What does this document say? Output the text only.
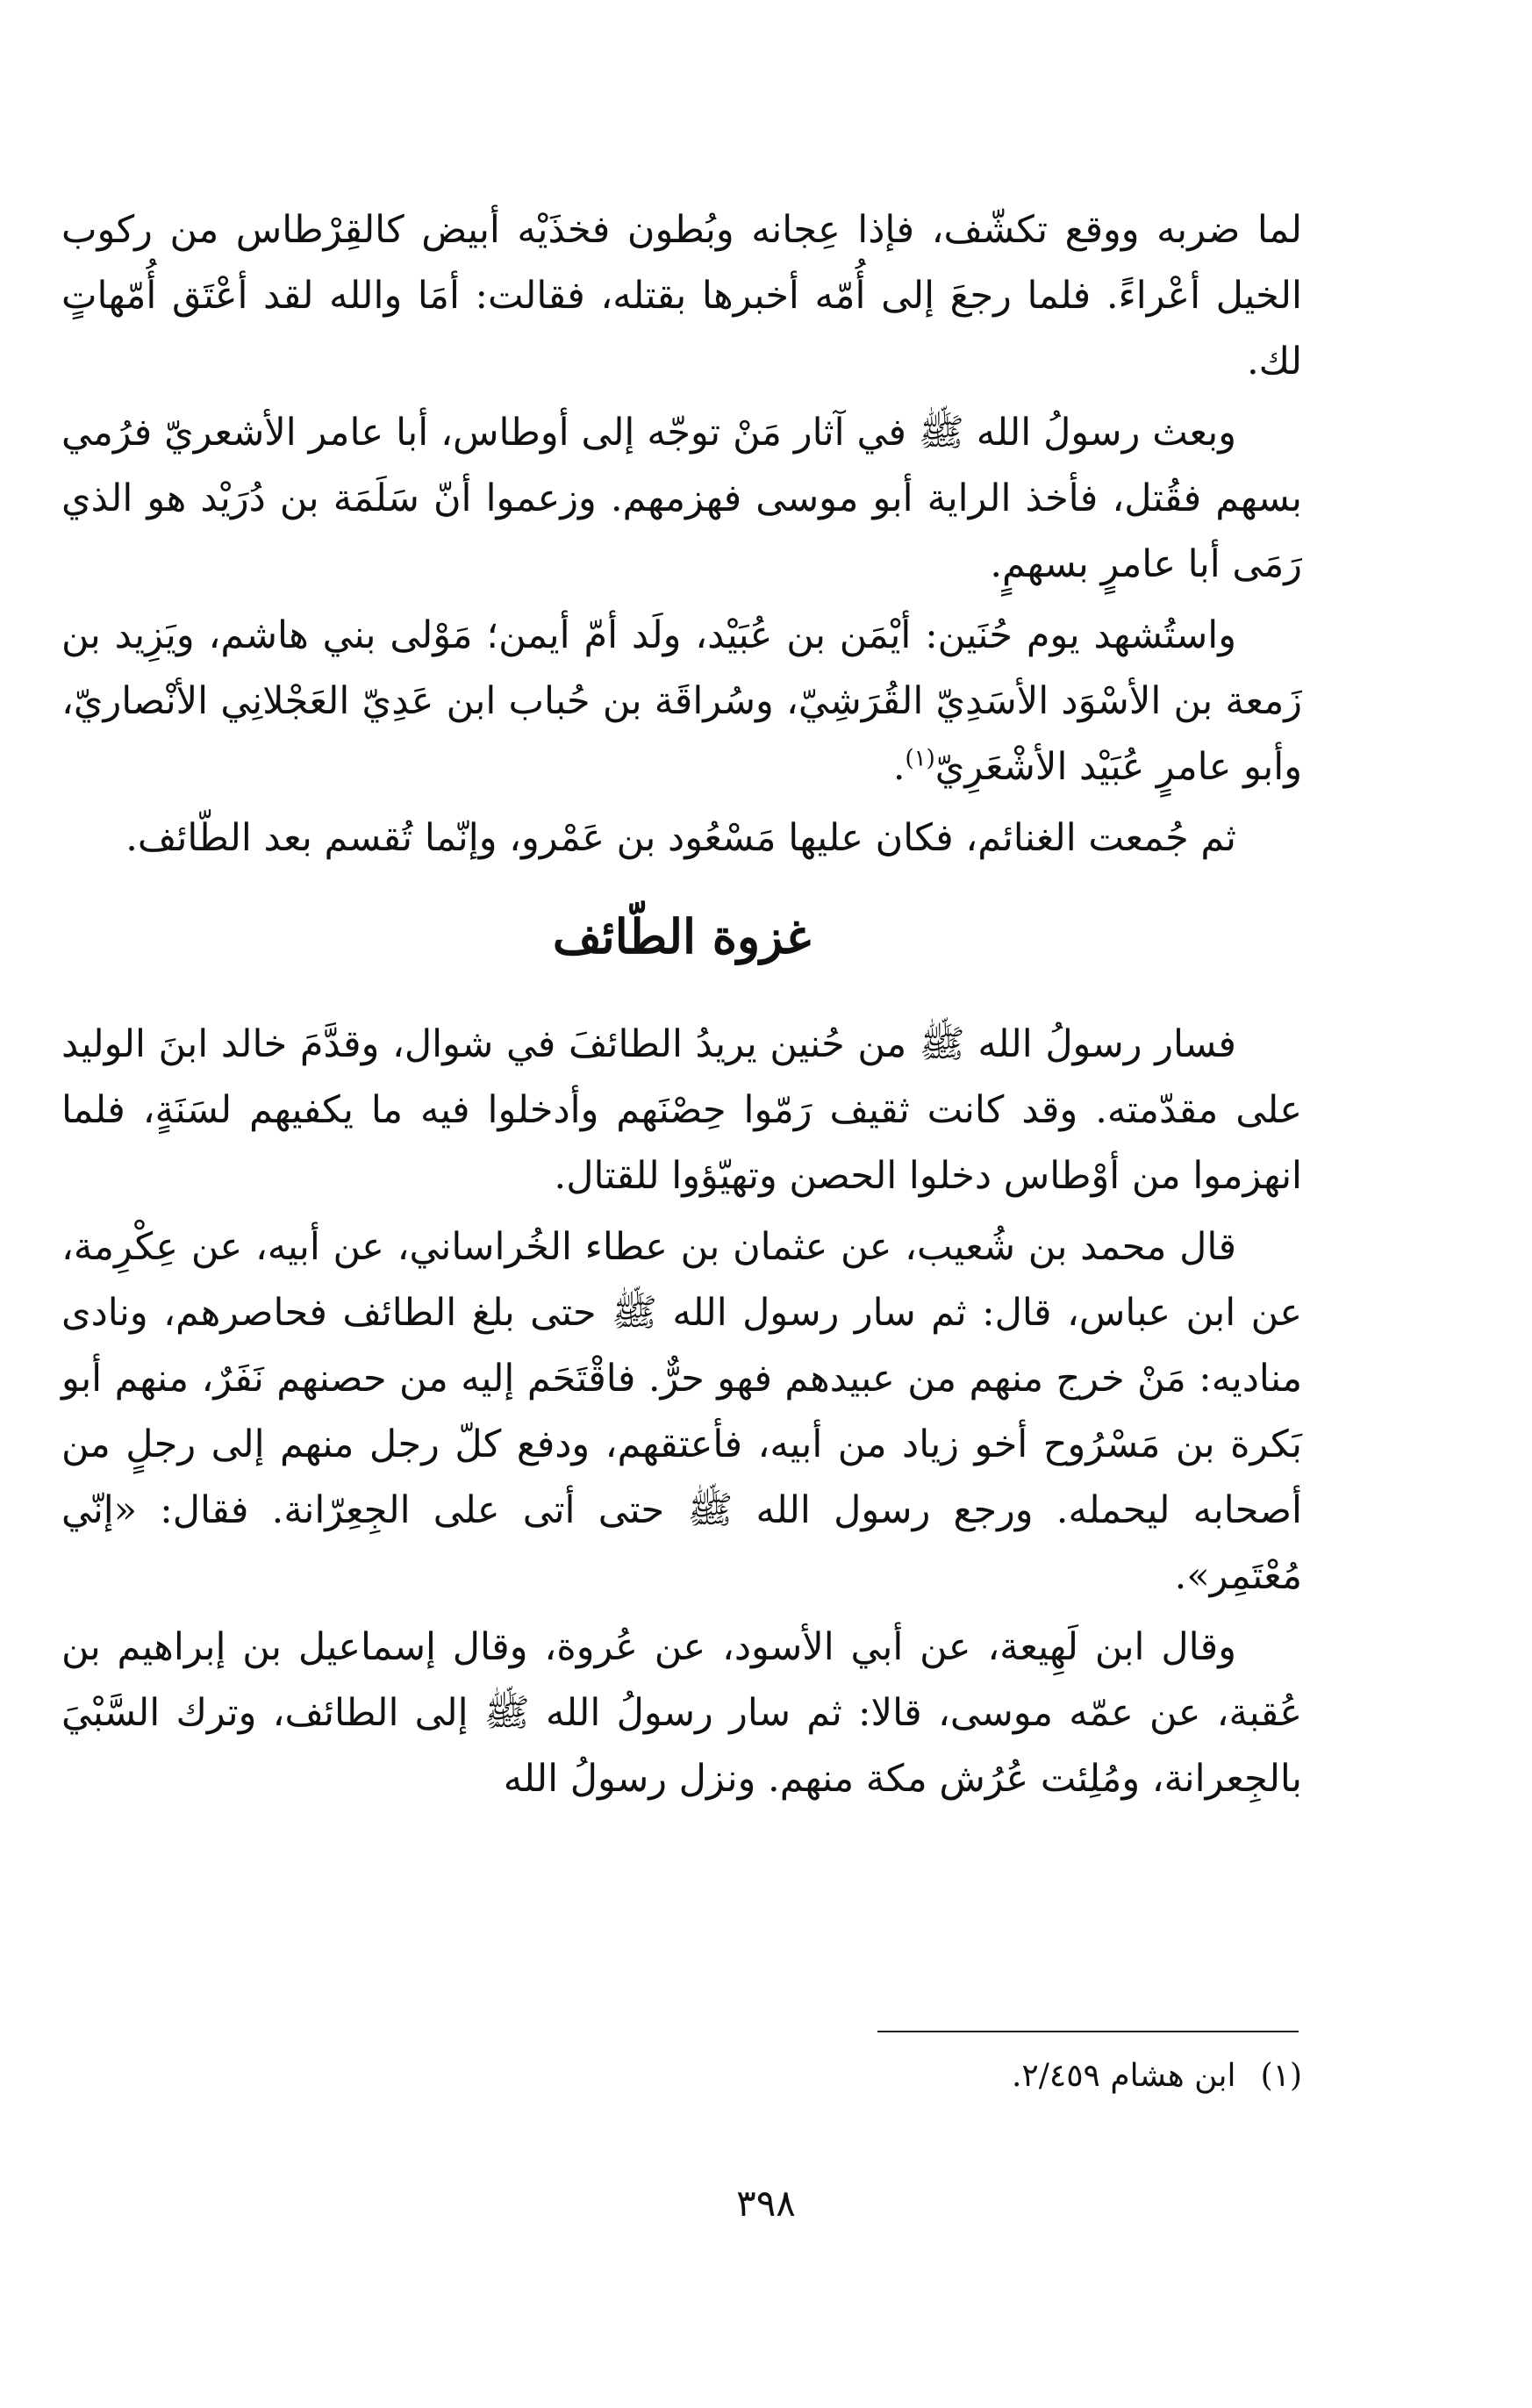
لما ضربه ووقع تكشّف، فإذا عِجانه وبُطون فخذَيْه أبيض كالقِرْطاس من ركوب الخيل أعْراءً. فلما رجعَ إلى أُمّه أخبرها بقتله، فقالت: أمَا والله لقد أعْتَق أُمّهاتٍ لك.

وبعث رسولُ الله ﷺ في آثار مَنْ توجّه إلى أوطاس، أبا عامر الأشعريّ فرُمي بسهم فقُتل، فأخذ الراية أبو موسى فهزمهم. وزعموا أنّ سَلَمَة بن دُرَيْد هو الذي رَمَى أبا عامرٍ بسهمٍ.

واستُشهد يوم حُنَين: أيْمَن بن عُبَيْد، ولَد أمّ أيمن؛ مَوْلى بني هاشم، ويَزِيد بن زَمعة بن الأسْوَد الأسَدِيّ القُرَشِيّ، وسُراقَة بن حُباب ابن عَدِيّ العَجْلانِي الأنْصاريّ، وأبو عامرٍ عُبَيْد الأشْعَرِيّ$^{(١)}$.

ثم جُمعت الغنائم، فكان عليها مَسْعُود بن عَمْرو، وإنّما تُقسم بعد الطّائف.

غزوة الطّائف

فسار رسولُ الله ﷺ من حُنين يريدُ الطائفَ في شوال، وقدَّمَ خالد ابنَ الوليد على مقدّمته. وقد كانت ثقيف رَمّوا حِصْنَهم وأدخلوا فيه ما يكفيهم لسَنَةٍ، فلما انهزموا من أوْطاس دخلوا الحصن وتهيّؤوا للقتال.

قال محمد بن شُعيب، عن عثمان بن عطاء الخُراساني، عن أبيه، عن عِكْرِمة، عن ابن عباس، قال: ثم سار رسول الله ﷺ حتى بلغ الطائف فحاصرهم، ونادى مناديه: مَنْ خرج منهم من عبيدهم فهو حرٌّ. فاقْتَحَم إليه من حصنهم نَفَرٌ، منهم أبو بَكرة بن مَسْرُوح أخو زياد من أبيه، فأعتقهم، ودفع كلّ رجل منهم إلى رجلٍ من أصحابه ليحمله. ورجع رسول الله ﷺ حتى أتى على الجِعِرّانة. فقال: «إنّي مُعْتَمِر».

وقال ابن لَهِيعة، عن أبي الأسود، عن عُروة، وقال إسماعيل بن إبراهيم بن عُقبة، عن عمّه موسى، قالا: ثم سار رسولُ الله ﷺ إلى الطائف، وترك السَّبْيَ بالجِعرانة، ومُلِئت عُرُش مكة منهم. ونزل رسولُ الله

(١)ابن هشام ٢/٤٥٩.
٣٩٨
